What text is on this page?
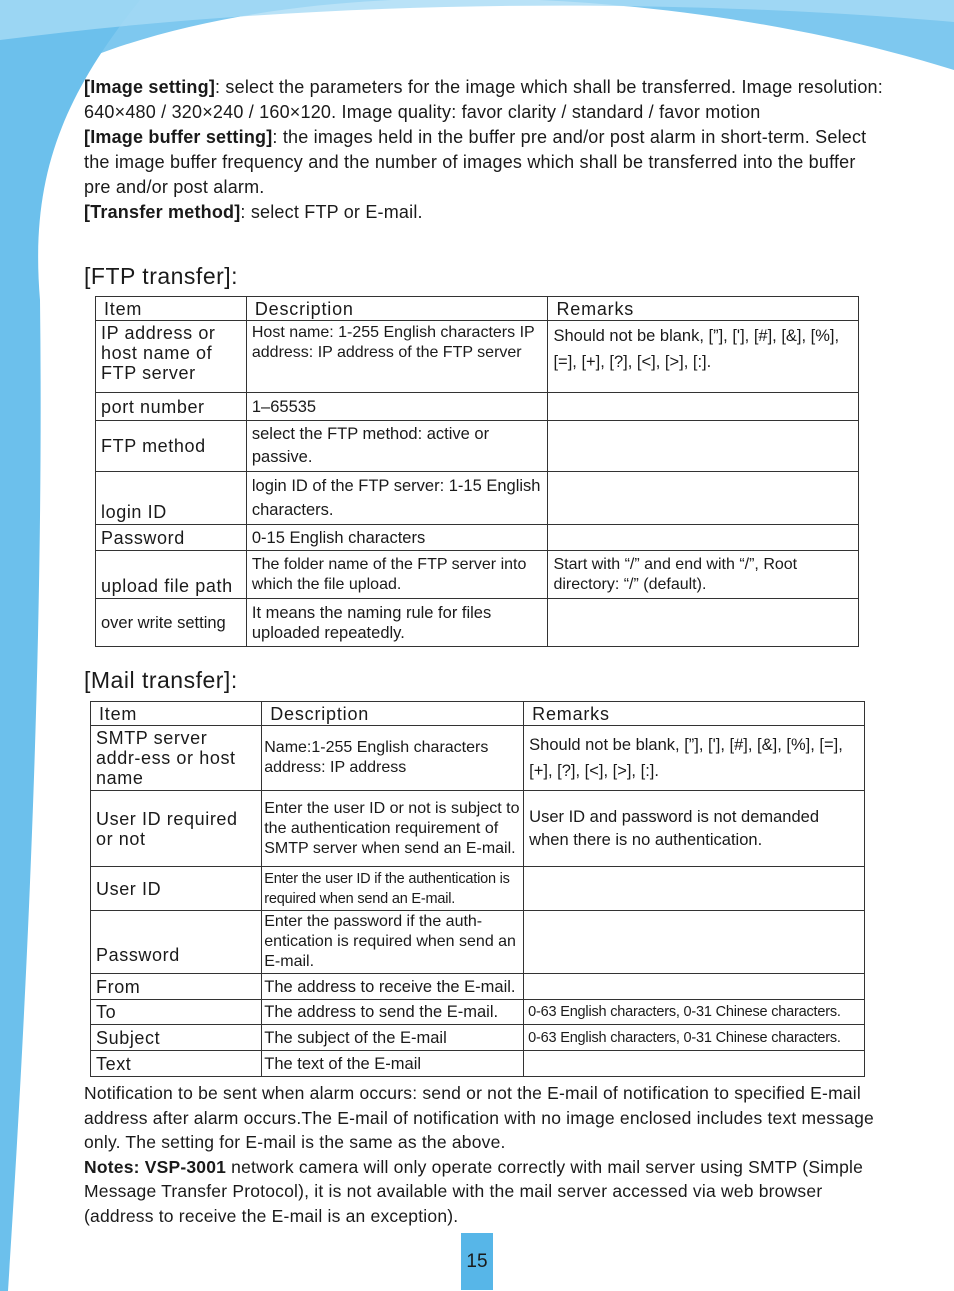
[Image setting]: select the parameters for the image which shall be transferred. Image resolution: 640×480 / 320×240 / 160×120. Image quality: favor clarity / standard / favor motion
[Image buffer setting]: the images held in the buffer pre and/or post alarm in short-term. Select the image buffer frequency and the number of images which shall be transferred into the buffer pre and/or post alarm.
[Transfer method]: select FTP or E-mail.
[FTP transfer]:
Item	Description	Remarks
IP address or host name of FTP server	Host name: 1-255 English characters IP address: IP address of the FTP server	Should not be blank, [”], ['], [#], [&], [%], [=], [+], [?], [<], [>], [:].
port number	1–65535	
FTP method	select the FTP method: active or passive.	
login ID	login ID of the FTP server: 1-15 English characters.	
Password	0-15 English characters	
upload file path	The folder name of the FTP server into which the file upload.	Start with “/” and end with “/”, Root directory: “/” (default).
over write setting	It means the naming rule for files uploaded repeatedly.	
[Mail transfer]:
Item	Description	Remarks
SMTP server addr-ess or host name	Name:1-255 English characters address: IP address	Should not be blank, [”], ['], [#], [&], [%], [=], [+], [?], [<], [>], [:].
User ID required or not	Enter the user ID or not is subject to the authentication requirement of SMTP server when send an E-mail.	User ID and password is not demanded when there is no authentication.
User ID	Enter the user ID if the authentication is required when send an E-mail.	
Password	Enter the password if the auth-entication is required when send an E-mail.	
From	The address to receive the E-mail.	
To	The address to send the E-mail.	0-63 English characters, 0-31 Chinese characters.
Subject	The subject of the E-mail	0-63 English characters, 0-31 Chinese characters.
Text	The text of the E-mail	
Notification to be sent when alarm occurs: send or not the E-mail of notification to specified E-mail address after alarm occurs.The E-mail of notification with no image enclosed includes text message only. The setting for E-mail is the same as the above.
Notes: VSP-3001 network camera will only operate correctly with mail server using SMTP (Simple Message Transfer Protocol), it is not available with the mail server accessed via web browser (address to receive the E-mail is an exception).
15
